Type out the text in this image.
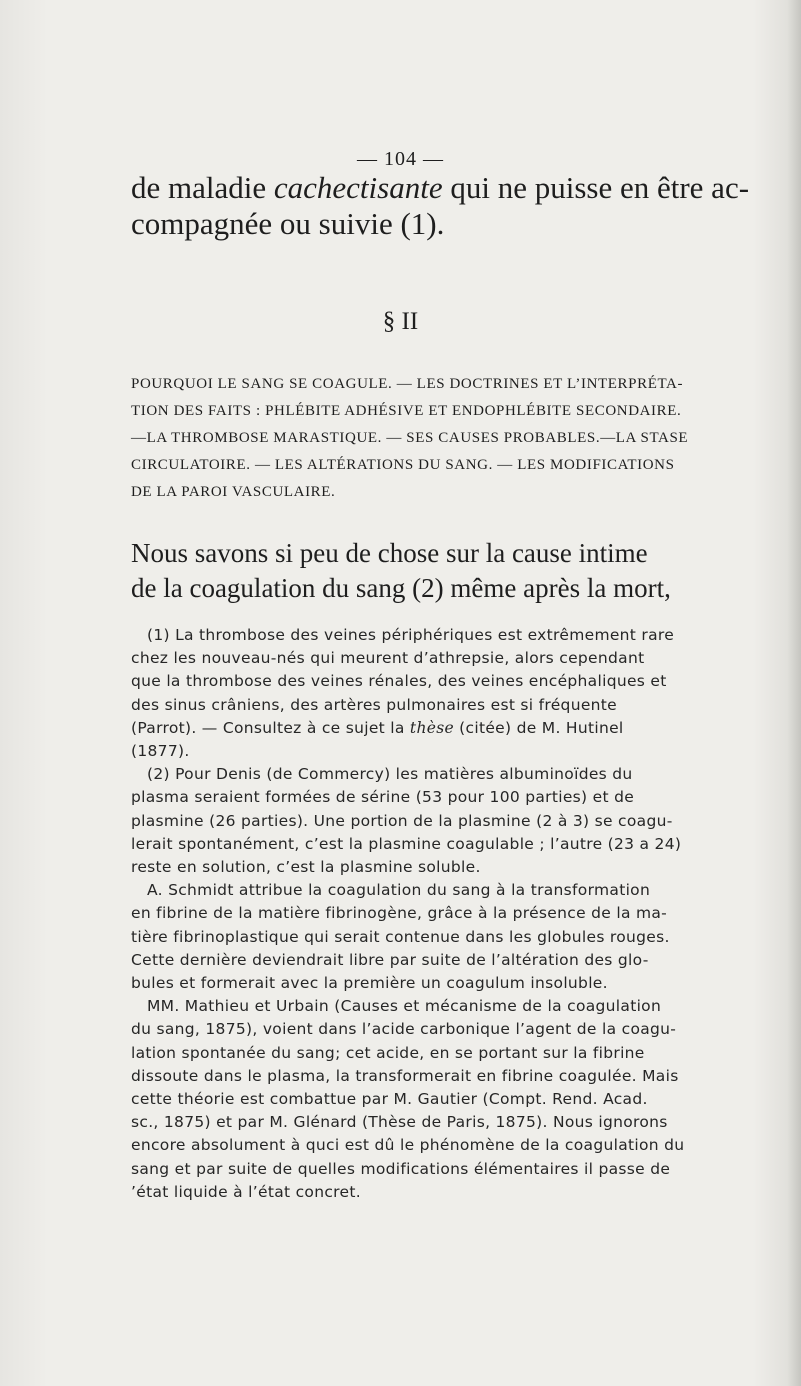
— 104 —
de maladie cachectisante qui ne puisse en être ac-
compagnée ou suivie (1).
§ II
POURQUOI LE SANG SE COAGULE. — LES DOCTRINES ET L’INTERPRÉTA-
TION DES FAITS : PHLÉBITE ADHÉSIVE ET ENDOPHLÉBITE SECONDAIRE.
—LA THROMBOSE MARASTIQUE. — SES CAUSES PROBABLES.—LA STASE
CIRCULATOIRE. — LES ALTÉRATIONS DU SANG. — LES MODIFICATIONS
DE LA PAROI VASCULAIRE.
Nous savons si peu de chose sur la cause intime
de la coagulation du sang (2) même après la mort,
(1) La thrombose des veines périphériques est extrêmement rare
chez les nouveau-nés qui meurent d’athrepsie, alors cependant
que la thrombose des veines rénales, des veines encéphaliques et
des sinus crâniens, des artères pulmonaires est si fréquente
(Parrot). — Consultez à ce sujet la thèse (citée) de M. Hutinel
(1877).
(2) Pour Denis (de Commercy) les matières albuminoïdes du
plasma seraient formées de sérine (53 pour 100 parties) et de
plasmine (26 parties). Une portion de la plasmine (2 à 3) se coagu-
lerait spontanément, c’est la plasmine coagulable ; l’autre (23 a 24)
reste en solution, c’est la plasmine soluble.
A. Schmidt attribue la coagulation du sang à la transformation
en fibrine de la matière fibrinogène, grâce à la présence de la ma-
tière fibrinoplastique qui serait contenue dans les globules rouges.
Cette dernière deviendrait libre par suite de l’altération des glo-
bules et formerait avec la première un coagulum insoluble.
MM. Mathieu et Urbain (Causes et mécanisme de la coagulation
du sang, 1875), voient dans l’acide carbonique l’agent de la coagu-
lation spontanée du sang; cet acide, en se portant sur la fibrine
dissoute dans le plasma, la transformerait en fibrine coagulée. Mais
cette théorie est combattue par M. Gautier (Compt. Rend. Acad.
sc., 1875) et par M. Glénard (Thèse de Paris, 1875). Nous ignorons
encore absolument à quci est dû le phénomène de la coagulation du
sang et par suite de quelles modifications élémentaires il passe de
’état liquide à l’état concret.
